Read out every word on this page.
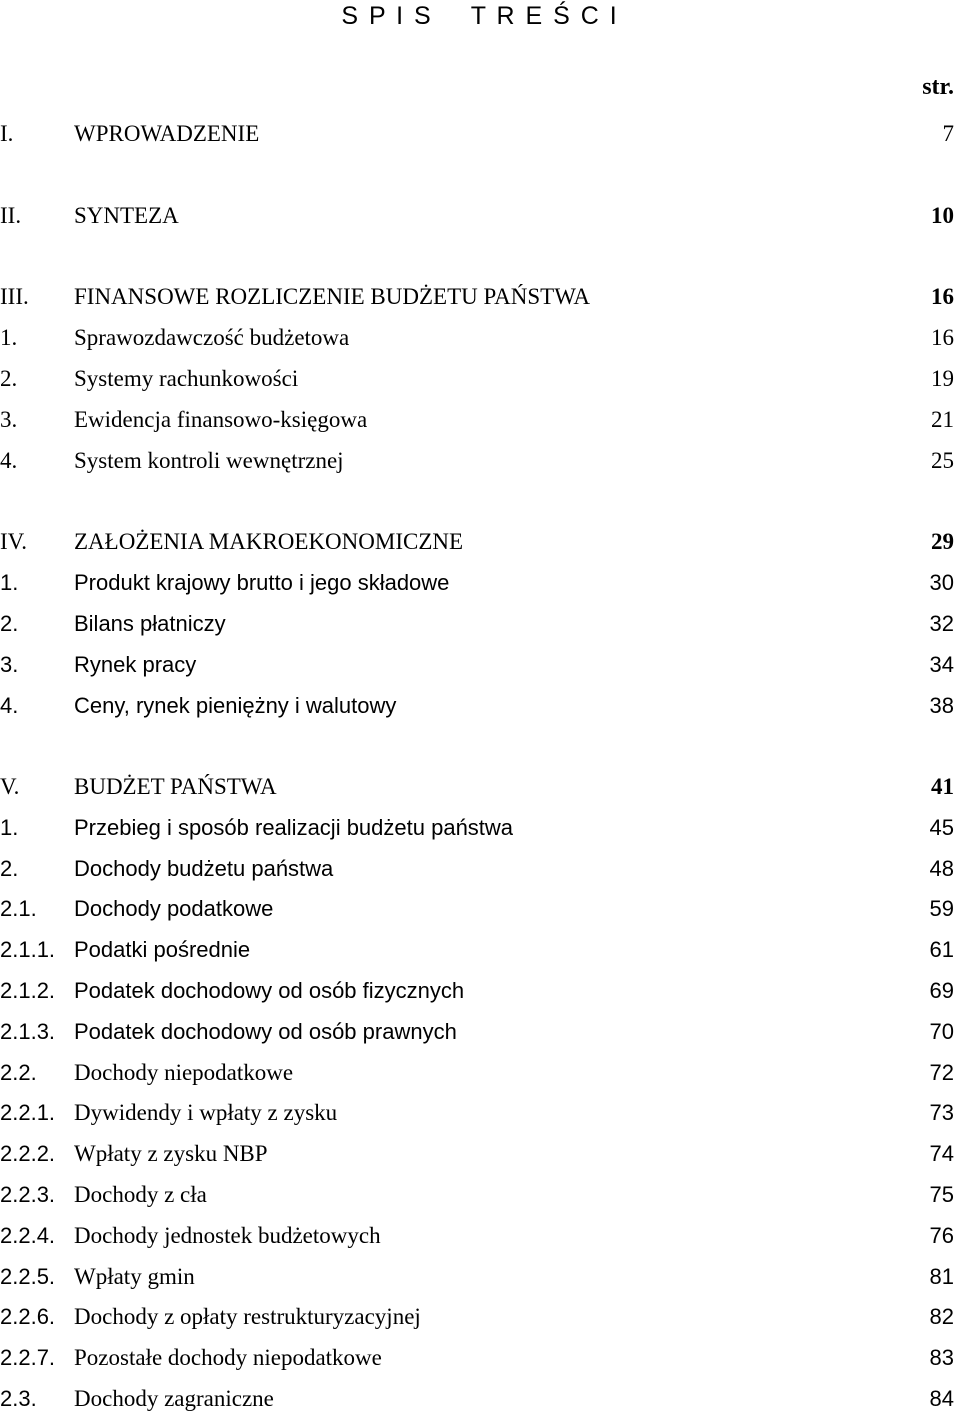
S P I S T R E Ś C I
str.
I.	WPROWADZENIE	7
II. SYNTEZA	10
III. FINANSOWE ROZLICZENIE BUDŻETU PAŃSTWA	16
1. Sprawozdawczość budżetowa	16
2. Systemy rachunkowości	19
3. Ewidencja finansowo-księgowa	21
4. System kontroli wewnętrznej	25
IV. ZAŁOŻENIA MAKROEKONOMICZNE	29
1.	Produkt krajowy brutto i jego składowe	30
2.	Bilans płatniczy	32
3.	Rynek pracy	34
4.	Ceny, rynek pieniężny i walutowy	38
V. BUDŻET PAŃSTWA	41
1.	Przebieg i sposób realizacji budżetu państwa	45
2.	Dochody budżetu państwa	48
2.1. Dochody podatkowe	59
2.1.1. Podatki pośrednie	61
2.1.2. Podatek dochodowy od osób fizycznych	69
2.1.3. Podatek dochodowy od osób prawnych	70
2.2. Dochody niepodatkowe	72
2.2.1. Dywidendy i wpłaty z zysku	73
2.2.2. Wpłaty z zysku NBP	74
2.2.3. Dochody z cła	75
2.2.4. Dochody jednostek budżetowych	76
2.2.5. Wpłaty gmin	81
2.2.6. Dochody z opłaty restrukturyzacyjnej	82
2.2.7. Pozostałe dochody niepodatkowe	83
2.3. Dochody zagraniczne	84
